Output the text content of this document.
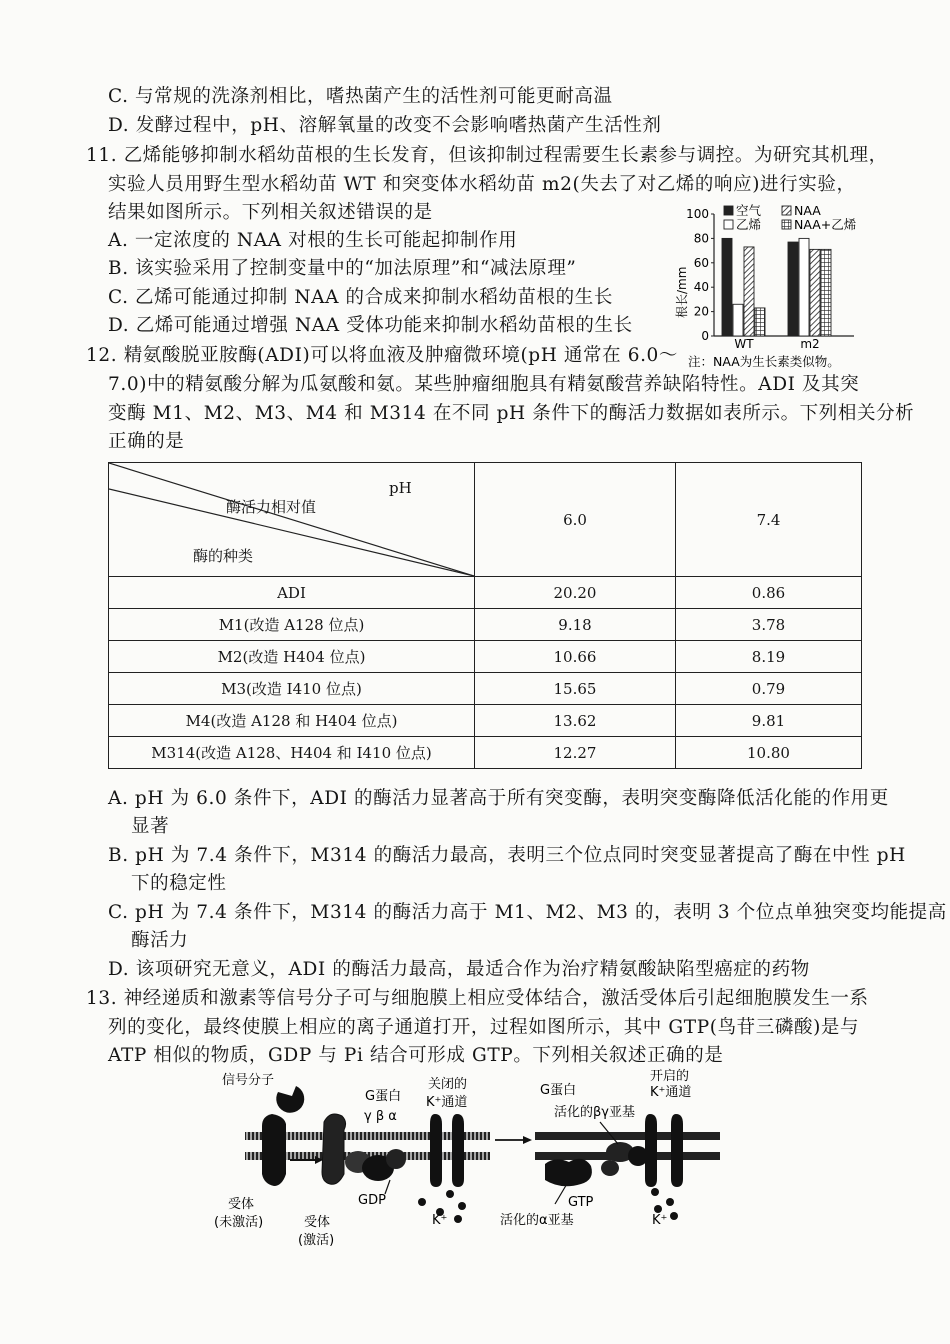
C. 与常规的洗涤剂相比，嗜热菌产生的活性剂可能更耐高温
D. 发酵过程中，pH、溶解氧量的改变不会影响嗜热菌产生活性剂
11. 乙烯能够抑制水稻幼苗根的生长发育，但该抑制过程需要生长素参与调控。为研究其机理，
实验人员用野生型水稻幼苗 WT 和突变体水稻幼苗 m2(失去了对乙烯的响应)进行实验，
结果如图所示。下列相关叙述错误的是
A. 一定浓度的 NAA 对根的生长可能起抑制作用
B. 该实验采用了控制变量中的“加法原理”和“减法原理”
C. 乙烯可能通过抑制 NAA 的合成来抑制水稻幼苗根的生长
D. 乙烯可能通过增强 NAA 受体功能来抑制水稻幼苗根的生长	0
20
40
60
80
100
WT	m2
空气
乙烯
NAA
NAA+乙烯
根长/mm
注：NAA为生长素类似物。
12. 精氨酸脱亚胺酶(ADI)可以将血液及肿瘤微环境(pH 通常在 6.0～
7.0)中的精氨酸分解为瓜氨酸和氨。某些肿瘤细胞具有精氨酸营养缺陷特性。ADI 及其突
变酶 M1、M2、M3、M4 和 M314 在不同 pH 条件下的酶活力数据如表所示。下列相关分析
正确的是
pH
酶活力相对值
酶的种类	6.0	7.4
ADI	20.20	0.86
M1(改造 A128 位点)	9.18	3.78
M2(改造 H404 位点)	10.66	8.19
M3(改造 I410 位点)	15.65	0.79
M4(改造 A128 和 H404 位点)	13.62	9.81
M314(改造 A128、H404 和 I410 位点)	12.27	10.80
A. pH 为 6.0 条件下，ADI 的酶活力显著高于所有突变酶，表明突变酶降低活化能的作用更
显著
B. pH 为 7.4 条件下，M314 的酶活力最高，表明三个位点同时突变显著提高了酶在中性 pH
下的稳定性
C. pH 为 7.4 条件下，M314 的酶活力高于 M1、M2、M3 的，表明 3 个位点单独突变均能提高
酶活力
D. 该项研究无意义，ADI 的酶活力最高，最适合作为治疗精氨酸缺陷型癌症的药物
13. 神经递质和激素等信号分子可与细胞膜上相应受体结合，激活受体后引起细胞膜发生一系
列的变化，最终使膜上相应的离子通道打开，过程如图所示，其中 GTP(鸟苷三磷酸)是与
ATP 相似的物质，GDP 与 Pi 结合可形成 GTP。下列相关叙述正确的是
信号分子
G蛋白
γ β α
关闭的
K⁺通道
GDP
K⁺
受体
(未激活)	受体
(激活)
G蛋白
开启的
K⁺通道
活化的βγ亚基
GTP
活化的α亚基	K⁺
